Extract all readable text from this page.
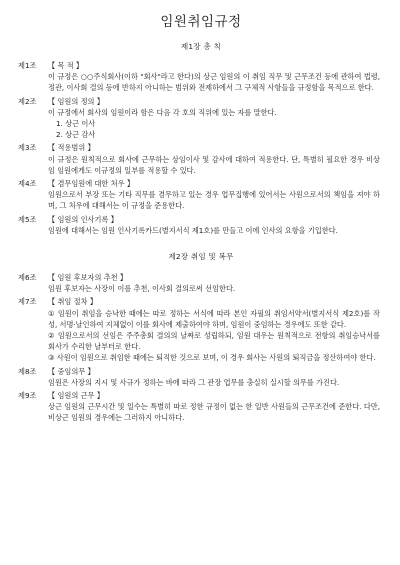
임원취임규정
제1장 총 칙
제1조 【 목 적 】
이 규정은 ○○주식회사(이하 "회사"라고 한다)의 상근 임원의 이 취임 직무 및 근무조건 등에 관하여 법령, 정관, 이사회 결의 등에 반하지 아니하는 범위와 전제하에서 그 구체적 사항들을 규정함을 목적으로 한다.
제2조 【 임원의 정의 】
이 규정에서 회사의 임원이라 함은 다음 각 호의 직위에 있는 자를 말한다.
1. 상근 이사
2. 상근 감사
제3조 【 적용범위 】
이 규정은 원칙적으로 회사에 근무하는 상임이사 및 감사에 대하여 적용한다. 단, 특별히 필요한 경우 비상임 임원에게도 이규정의 일부를 적용할 수 있다.
제4조 【 겸무임원에 대한 처우 】
임원으로서 부장 또는 기타 직무를 겸무하고 있는 경우 업무집행에 있어서는 사원으로서의 책임을 져야 하며, 그 처우에 대해서는 이 규정을 준용한다.
제5조 【 임원의 인사기록 】
임원에 대해서는 임원 인사기록카드(별지서식 제1호)를 만들고 이에 인사의 요항을 기입한다.
제2장 취임 및 복무
제6조 【 임원 후보자의 추천 】
임원 후보자는 사장이 이를 추천, 이사회 결의로써 선임한다.
제7조 【 취임 절차 】
① 임원이 취임을 승낙한 때에는 따로 정하는 서식에 따라 본인 자필의 취임서약서(별지서식 제2호)를 작성, 서명·날인하여 지체없이 이를 회사에 제출하여야 하며, 임원이 중임하는 경우에도 또한 같다.
② 임원으로서의 선임은 주주총회 결의의 날짜로 성립하되, 임원 대우는 원칙적으로 전항의 취임승낙서를 회사가 수리한 날부터로 한다.
③ 사원이 임원으로 취임한 때에는 퇴직한 것으로 보며, 이 경우 회사는 사원의 퇴직금을 정산하여야 한다.
제8조 【 중임의무 】
임원은 사장의 지시 및 사규가 정하는 바에 따라 그 관장 업무를 충실히 실시할 의무를 가진다.
제9조 【 임원의 근무 】
상근 임원의 근무시간 및 일수는 특별히 따로 정한 규정이 없는 한 일반 사원들의 근무조건에 준한다. 다만, 비상근 임원의 경우에는 그러하지 아니하다.
